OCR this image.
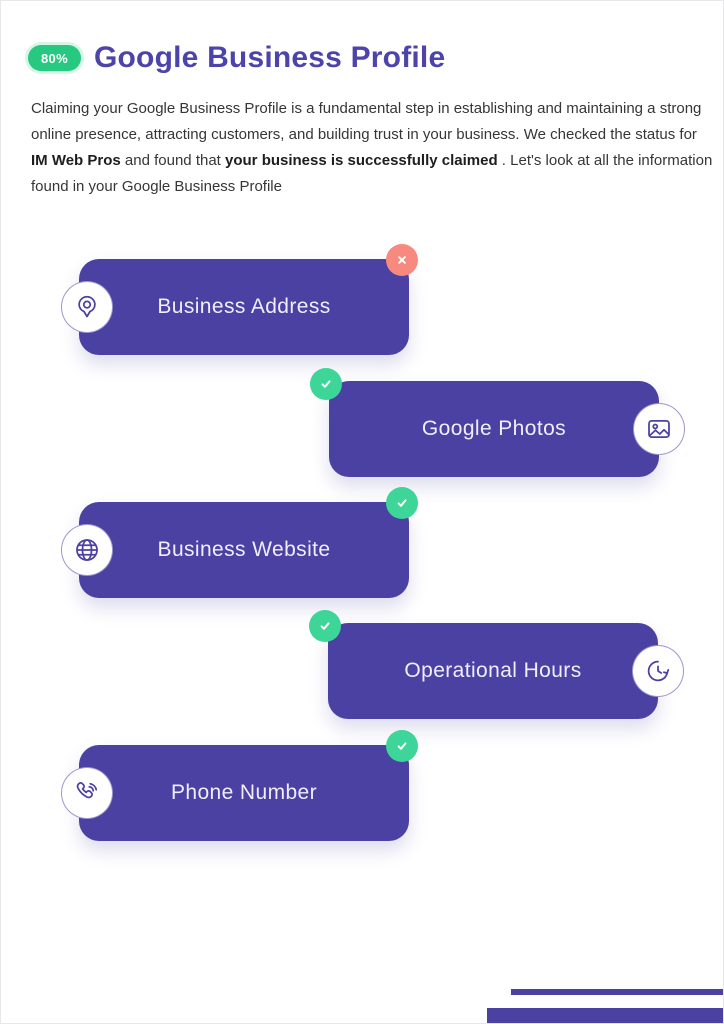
80% Google Business Profile

Claiming your Google Business Profile is a fundamental step in establishing and maintaining a strong online presence, attracting customers, and building trust in your business. We checked the status for IM Web Pros and found that your business is successfully claimed . Let's look at all the information found in your Google Business Profile

Business Address
Google Photos
Business Website
Operational Hours
Phone Number
